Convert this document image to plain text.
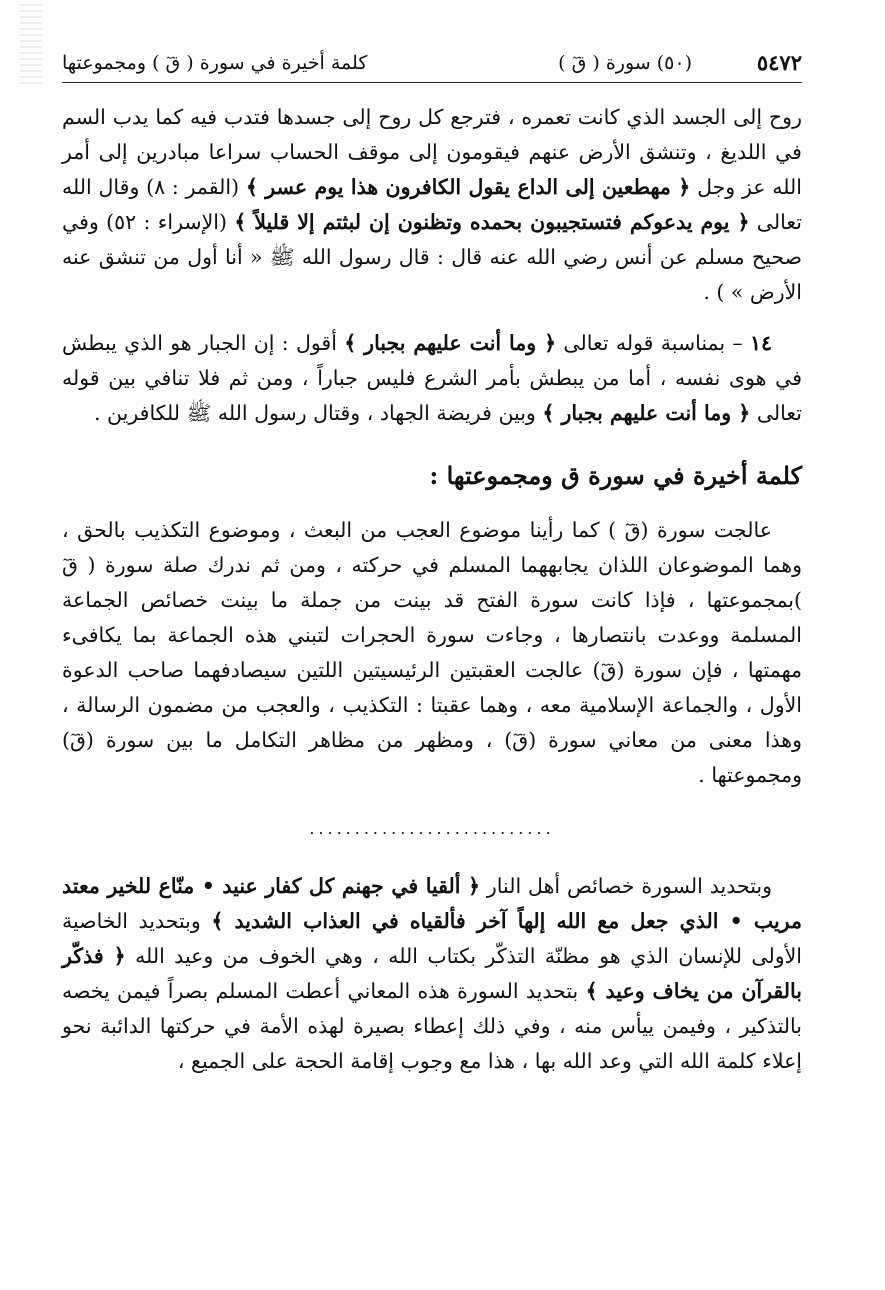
٥٤٧٢
(٥٠) سورة ( قٓ )
كلمة أخيرة في سورة ( قٓ ) ومجموعتها

روح إلى الجسد الذي كانت تعمره ، فترجع كل روح إلى جسدها فتدب فيه كما يدب السم في اللديغ ، وتنشق الأرض عنهم فيقومون إلى موقف الحساب سراعا مبادرين إلى أمر الله عز وجل ﴿ مهطعين إلى الداع يقول الكافرون هذا يوم عسر ﴾ (القمر : ٨) وقال الله تعالى ﴿ يوم يدعوكم فتستجيبون بحمده وتظنون إن لبثتم إلا قليلاً ﴾ (الإسراء : ٥٢) وفي صحيح مسلم عن أنس رضي الله عنه قال : قال رسول الله ﷺ « أنا أول من تنشق عنه الأرض » ) .

١٤ – بمناسبة قوله تعالى ﴿ وما أنت عليهم بجبار ﴾ أقول : إن الجبار هو الذي يبطش في هوى نفسه ، أما من يبطش بأمر الشرع فليس جباراً ، ومن ثم فلا تنافي بين قوله تعالى ﴿ وما أنت عليهم بجبار ﴾ وبين فريضة الجهاد ، وقتال رسول الله ﷺ للكافرين .

كلمة أخيرة في سورة ق ومجموعتها :

عالجت سورة (قٓ ) كما رأينا موضوع العجب من البعث ، وموضوع التكذيب بالحق ، وهما الموضوعان اللذان يجابههما المسلم في حركته ، ومن ثم ندرك صلة سورة ( قٓ )بمجموعتها ، فإذا كانت سورة الفتح قد بينت من جملة ما بينت خصائص الجماعة المسلمة ووعدت بانتصارها ، وجاءت سورة الحجرات لتبني هذه الجماعة بما يكافىء مهمتها ، فإن سورة (قٓ) عالجت العقبتين الرئيسيتين اللتين سيصادفهما صاحب الدعوة الأول ، والجماعة الإسلامية معه ، وهما عقبتا : التكذيب ، والعجب من مضمون الرسالة ، وهذا معنى من معاني سورة (قٓ) ، ومظهر من مظاهر التكامل ما بين سورة (قٓ) ومجموعتها .

...........................

وبتحديد السورة خصائص أهل النار ﴿ ألقيا في جهنم كل كفار عنيد • منّاع للخير معتد مريب • الذي جعل مع الله إلهاً آخر فألقياه في العذاب الشديد ﴾ وبتحديد الخاصية الأولى للإنسان الذي هو مظنّة التذكّر بكتاب الله ، وهي الخوف من وعيد الله ﴿ فذكّر بالقرآن من يخاف وعيد ﴾ بتحديد السورة هذه المعاني أعطت المسلم بصراً فيمن يخصه بالتذكير ، وفيمن ييأس منه ، وفي ذلك إعطاء بصيرة لهذه الأمة في حركتها الدائبة نحو إعلاء كلمة الله التي وعد الله بها ، هذا مع وجوب إقامة الحجة على الجميع ،
